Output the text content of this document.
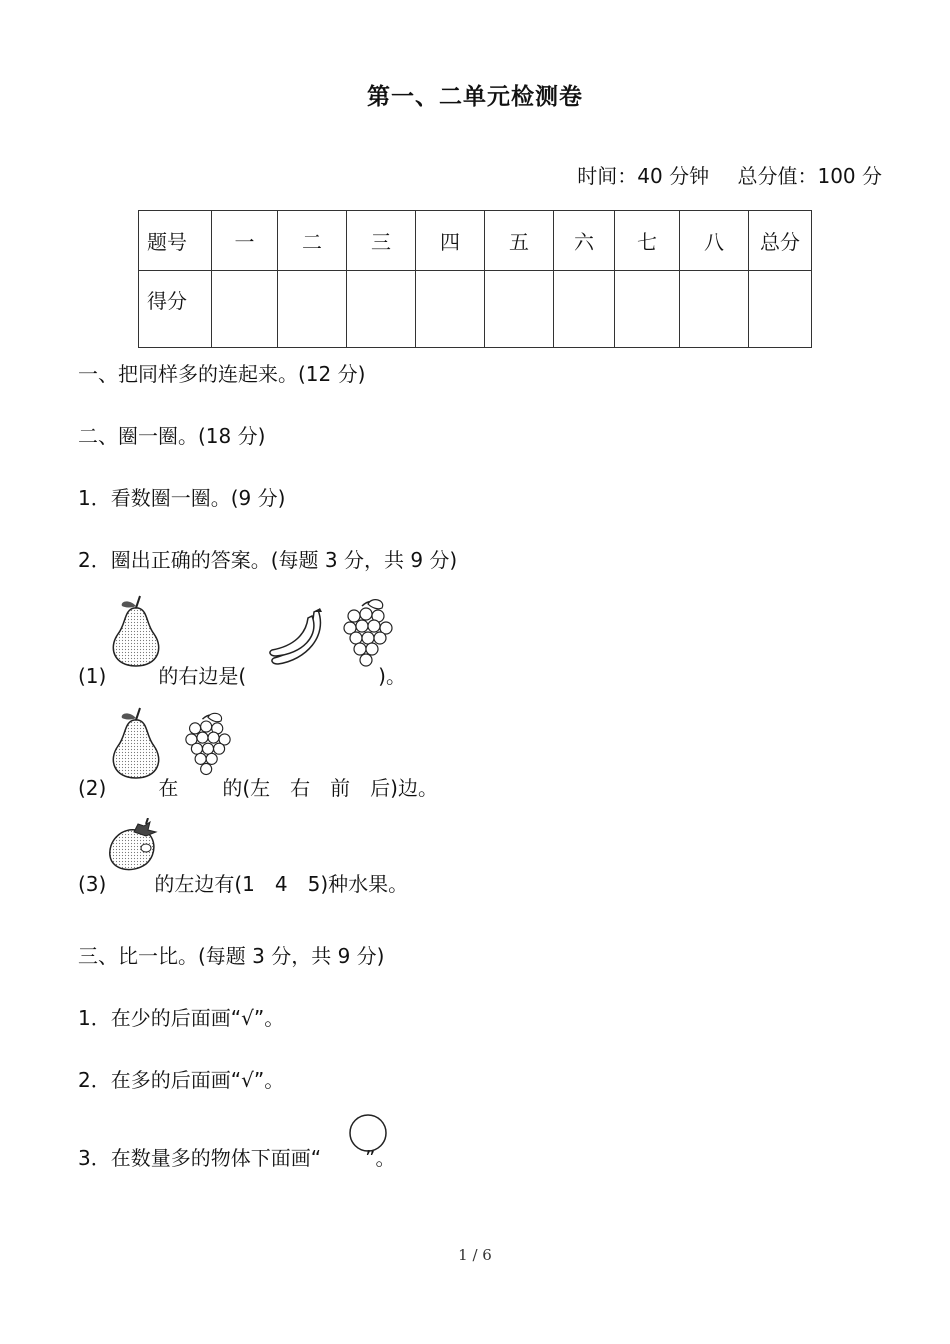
第一、二单元检测卷
时间：40 分钟 总分值：100 分
题号	一	二	三	四	五	六	七	八	总分
得分									
一、把同样多的连起来。(12 分)
二、圈一圈。(18 分)
1．看数圈一圈。(9 分)
2．圈出正确的答案。(每题 3 分，共 9 分)
(1)	的右边是(	)。
(2)	在 的(左　右　前　后)边。
(3) 的左边有(1　4　5)种水果。
三、比一比。(每题 3 分，共 9 分)
1．在少的后面画“√”。
2．在多的后面画“√”。
3．在数量多的物体下面画“ ”。
1 / 6
